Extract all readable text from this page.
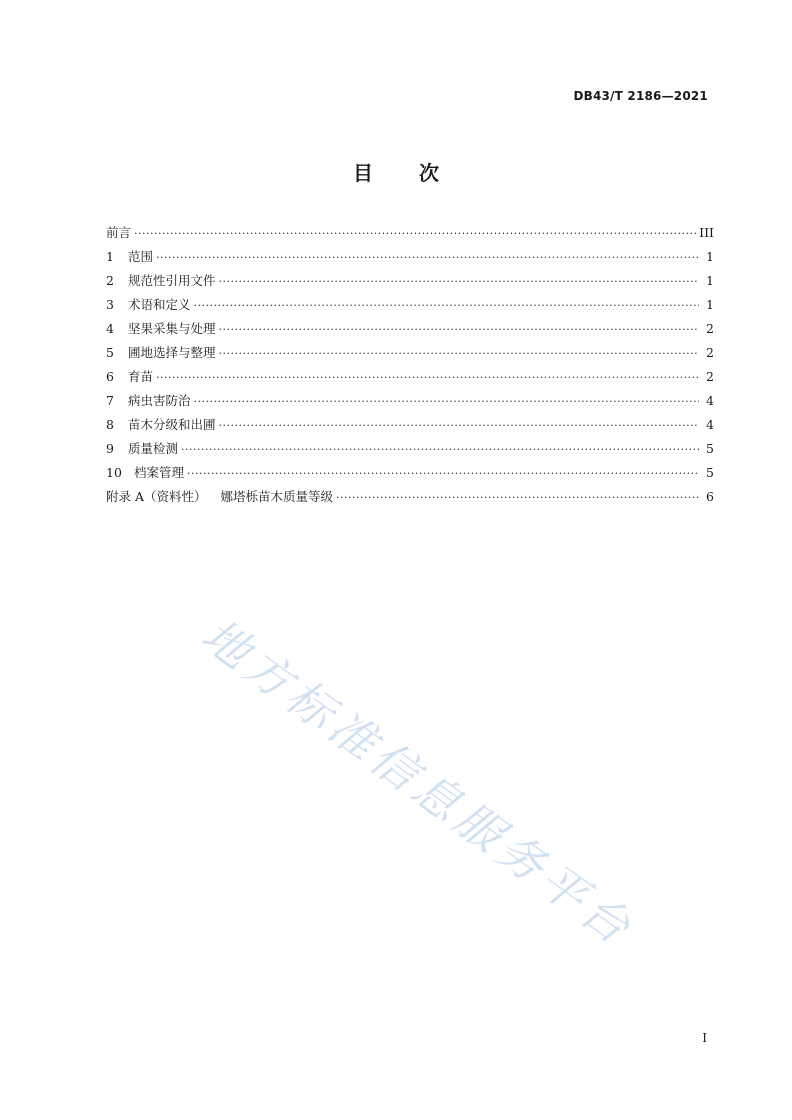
DB43/T 2186—2021
目 次
前言 ·····	III
1	范围 ·····	1
2	规范性引用文件 ·····	1
3	术语和定义 ·····	1
4	坚果采集与处理 ·····	2
5	圃地选择与整理 ·····	2
6	育苗 ·····	2
7	病虫害防治 ·····	4
8	苗木分级和出圃 ·····	4
9	质量检测 ·····	5
10 档案管理 ·····	5
附录 A（资料性） 娜塔栎苗木质量等级 ·····	6
地方标准信息服务平台
I
